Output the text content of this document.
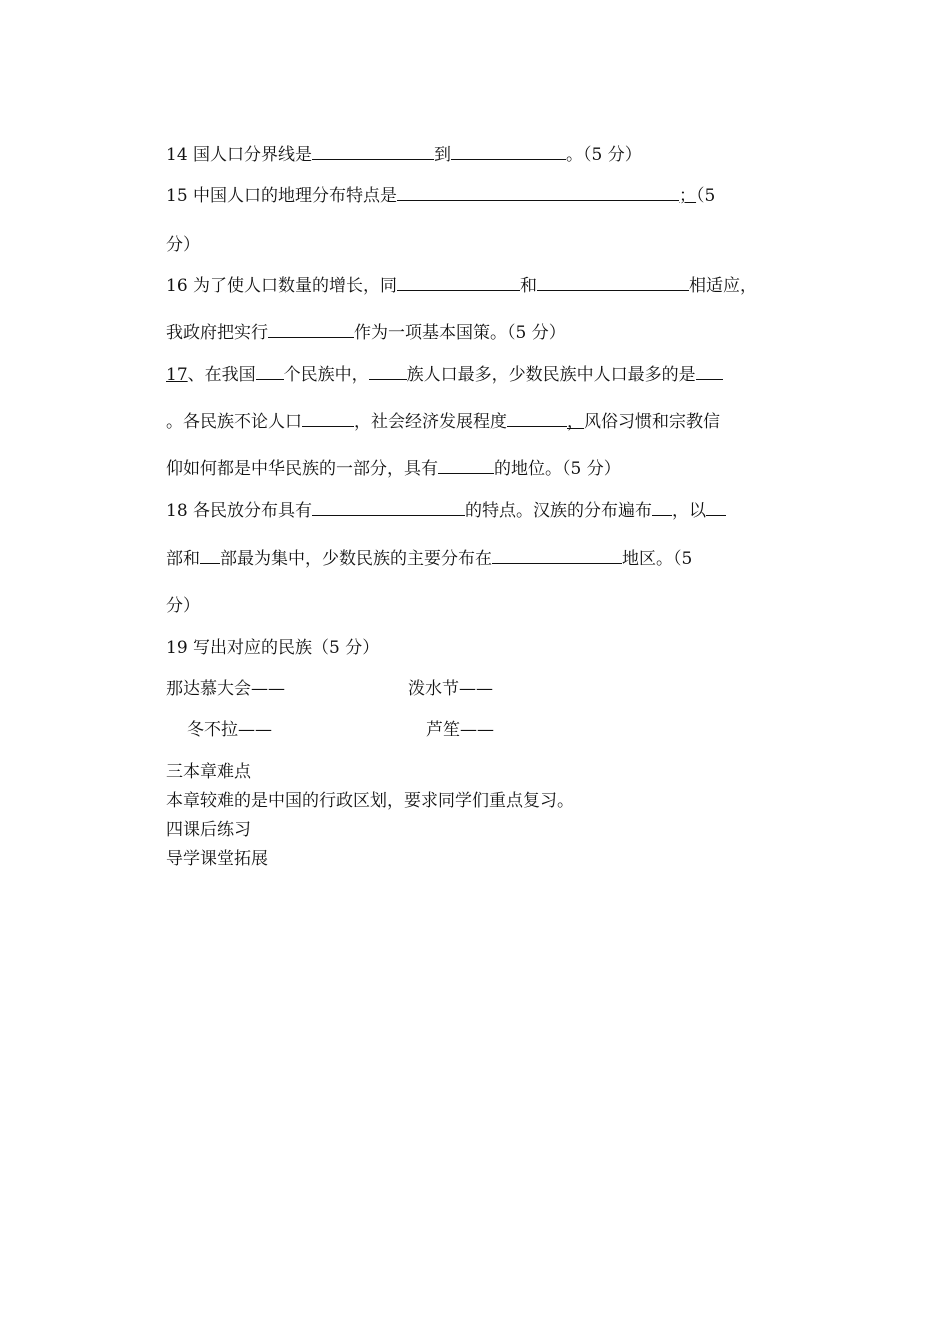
14 国人口分界线是	到	。（5 分）
15 中国人口的地理分布特点是	；（5
分）
16 为了使人口数量的增长，同	和	相适应，
我政府把实行	作为一项基本国策。（5 分）
17、在我国 个民族中， 族人口最多，少数民族中人口最多的是
。各民族不论人口	，社会经济发展程度	，风俗习惯和宗教信
仰如何都是中华民族的一部分，具有	的地位。（5 分）
18 各民放分布具有	的特点。汉族的分布遍布 ，以
部和 部最为集中，少数民族的主要分布在	地区。（5
分）
19 写出对应的民族（5 分）
那达慕大会——	泼水节——
冬不拉——	芦笙——
三本章难点
本章较难的是中国的行政区划，要求同学们重点复习。
四课后练习
导学课堂拓展
